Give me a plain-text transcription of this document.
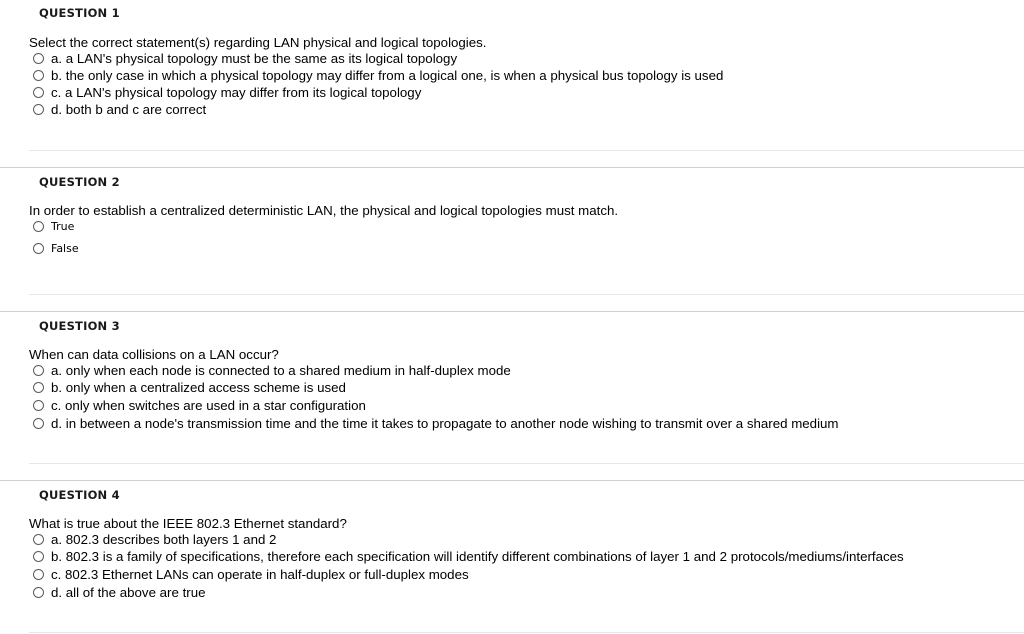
QUESTION 1
Select the correct statement(s) regarding LAN physical and logical topologies.
a. a LAN's physical topology must be the same as its logical topology
b. the only case in which a physical topology may differ from a logical one, is when a physical bus topology is used
c. a LAN's physical topology may differ from its logical topology
d. both b and c are correct
QUESTION 2
In order to establish a centralized deterministic LAN, the physical and logical topologies must match.
True
False
QUESTION 3
When can data collisions on a LAN occur?
a. only when each node is connected to a shared medium in half-duplex mode
b. only when a centralized access scheme is used
c. only when switches are used in a star configuration
d. in between a node's transmission time and the time it takes to propagate to another node wishing to transmit over a shared medium
QUESTION 4
What is true about the IEEE 802.3 Ethernet standard?
a. 802.3 describes both layers 1 and 2
b. 802.3 is a family of specifications, therefore each specification will identify different combinations of layer 1 and 2 protocols/mediums/interfaces
c. 802.3 Ethernet LANs can operate in half-duplex or full-duplex modes
d. all of the above are true
